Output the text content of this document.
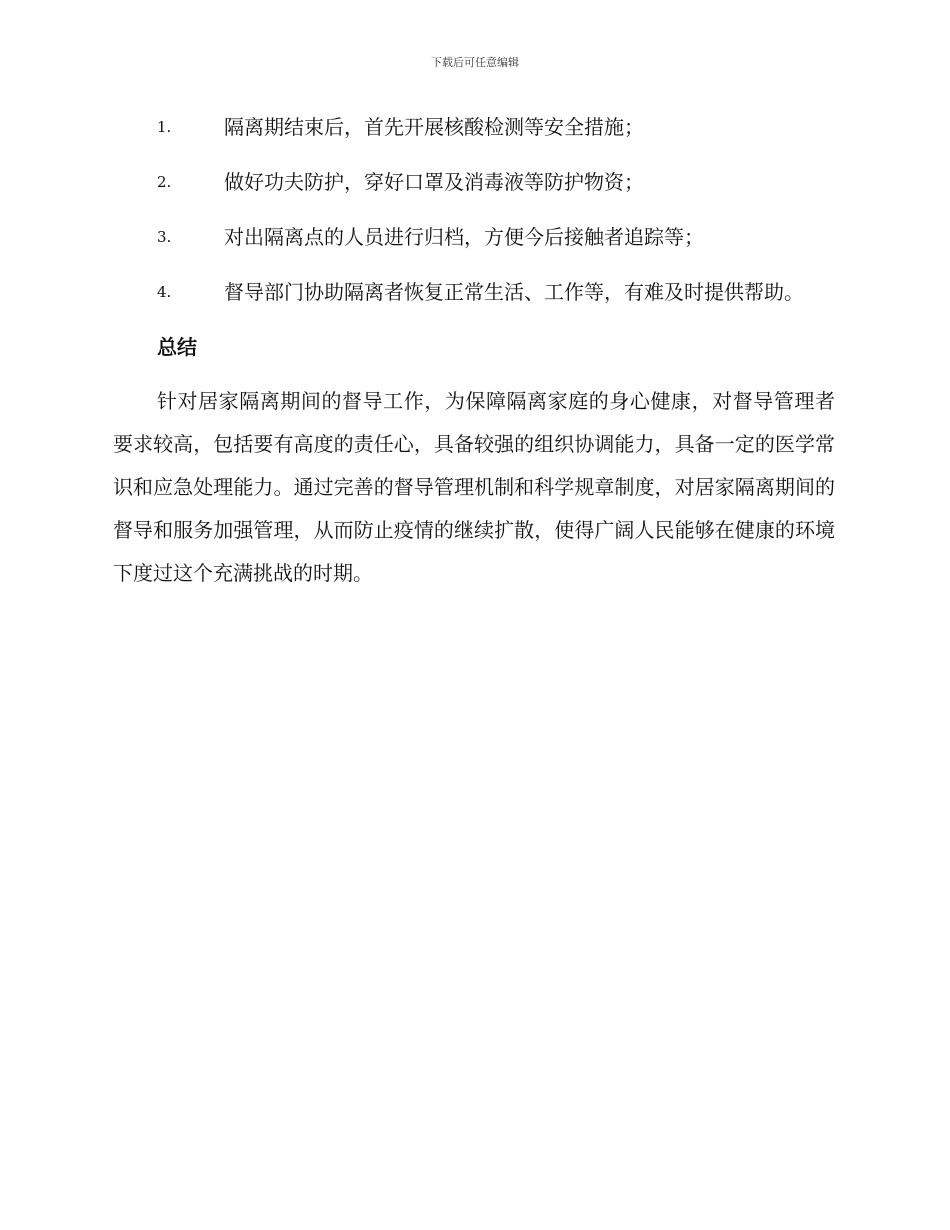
下载后可任意编辑
1.	隔离期结束后，首先开展核酸检测等安全措施；
2.	做好功夫防护，穿好口罩及消毒液等防护物资；
3.	对出隔离点的人员进行归档，方便今后接触者追踪等；
4.	督导部门协助隔离者恢复正常生活、工作等，有难及时提供帮助。
总结

针对居家隔离期间的督导工作，为保障隔离家庭的身心健康，对督导管理者要求较高，包括要有高度的责任心，具备较强的组织协调能力，具备一定的医学常识和应急处理能力。通过完善的督导管理机制和科学规章制度，对居家隔离期间的督导和服务加强管理，从而防止疫情的继续扩散，使得广阔人民能够在健康的环境下度过这个充满挑战的时期。
